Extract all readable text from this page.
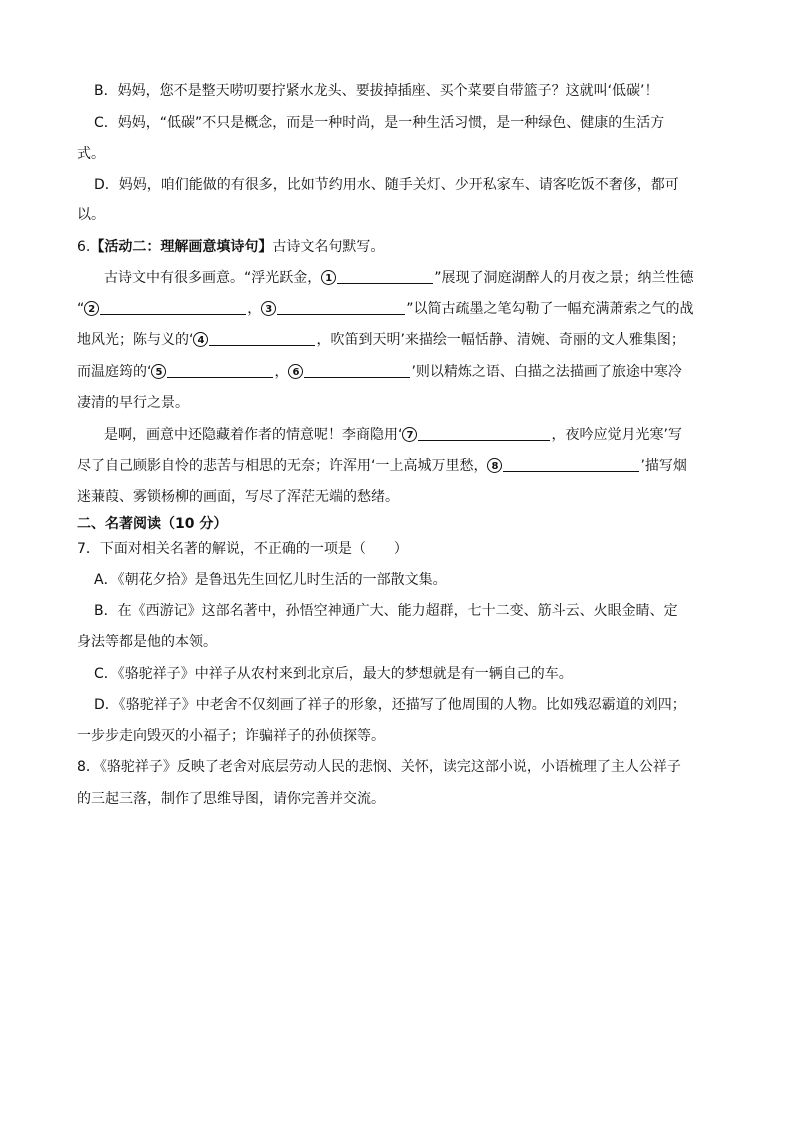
B．妈妈，您不是整天唠叨要拧紧水龙头、要拔掉插座、买个菜要自带篮子？这就叫‘低碳’！
C．妈妈，“低碳”不只是概念，而是一种时尚，是一种生活习惯，是一种绿色、健康的生活方
式。
D．妈妈，咱们能做的有很多，比如节约用水、随手关灯、少开私家车、请客吃饭不奢侈，都可
以。
6.【活动二：理解画意填诗句】古诗文名句默写。
古诗文中有很多画意。“浮光跃金， 1	”展现了洞庭湖醉人的月夜之景；纳兰性德
“ 2	， 3	”以简古疏墨之笔勾勒了一幅充满萧索之气的战
地风光；陈与义的‘ 4	，吹笛到天明’来描绘一幅恬静、清婉、奇丽的文人雅集图；
而温庭筠的‘ 5	， 6	’则以精炼之语、白描之法描画了旅途中寒冷
凄清的早行之景。
是啊，画意中还隐藏着作者的情意呢！李商隐用‘ 7	，夜吟应觉月光寒’写
尽了自己顾影自怜的悲苦与相思的无奈；许浑用‘一上高城万里愁， 8	’描写烟
迷蒹葭、雾锁杨柳的画面，写尽了浑茫无端的愁绪。
二、名著阅读（10 分）
7．下面对相关名著的解说，不正确的一项是（　　）
A．《朝花夕拾》是鲁迅先生回忆儿时生活的一部散文集。
B．在《西游记》这部名著中，孙悟空神通广大、能力超群，七十二变、筋斗云、火眼金睛、定
身法等都是他的本领。
C．《骆驼祥子》中祥子从农村来到北京后，最大的梦想就是有一辆自己的车。
D．《骆驼祥子》中老舍不仅刻画了祥子的形象，还描写了他周围的人物。比如残忍霸道的刘四；
一步步走向毁灭的小福子；诈骗祥子的孙侦探等。
8．《骆驼祥子》反映了老舍对底层劳动人民的悲悯、关怀，读完这部小说，小语梳理了主人公祥子
的三起三落，制作了思维导图，请你完善并交流。
